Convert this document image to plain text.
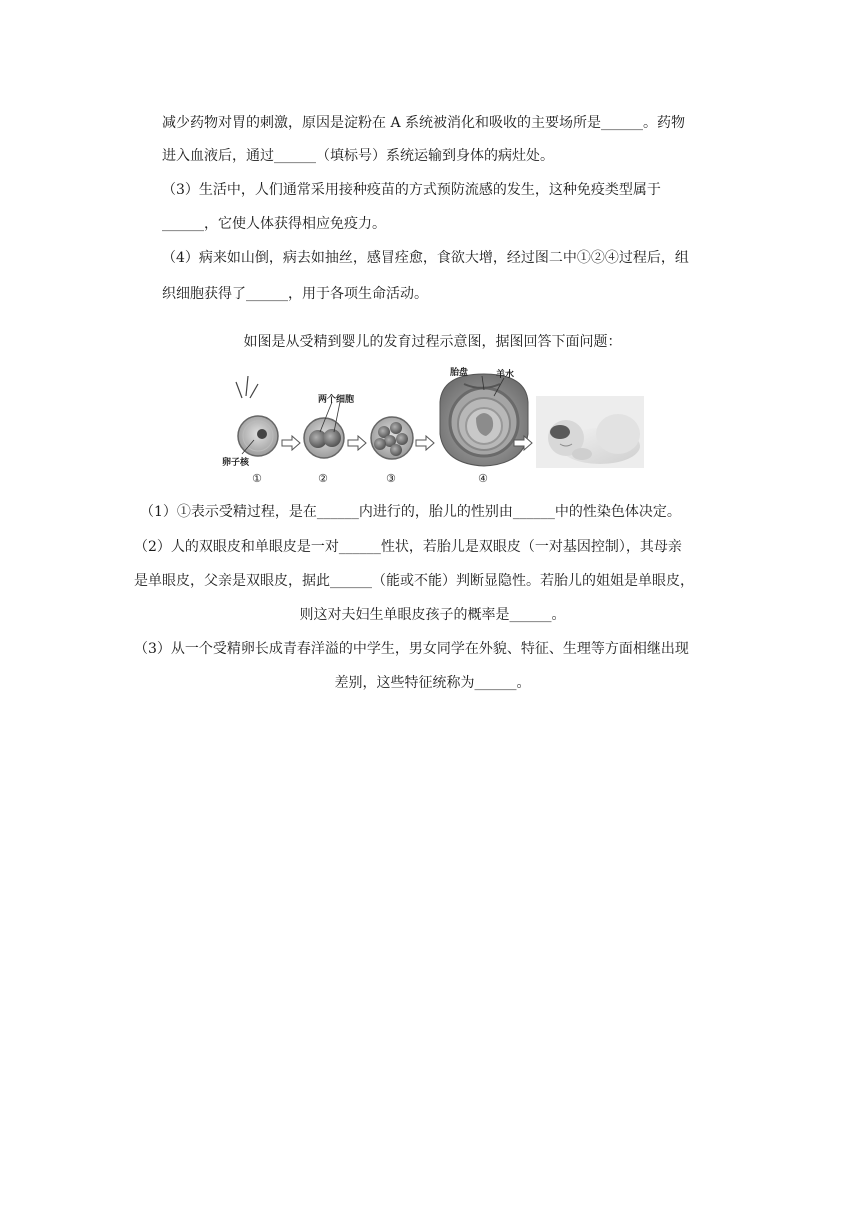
减少药物对胃的刺激，原因是淀粉在 A 系统被消化和吸收的主要场所是______。药物
进入血液后，通过______（填标号）系统运输到身体的病灶处。
（3）生活中，人们通常采用接种疫苗的方式预防流感的发生，这种免疫类型属于
______，它使人体获得相应免疫力。
（4）病来如山倒，病去如抽丝，感冒痊愈，食欲大增，经过图二中①②④过程后，组
织细胞获得了______，用于各项生命活动。
如图是从受精到婴儿的发育过程示意图，据图回答下面问题：
卵子核
①
两个细胞
②	③
胎盘	羊水
④
（1）①表示受精过程，是在______内进行的，胎儿的性别由______中的性染色体决定。
（2）人的双眼皮和单眼皮是一对______性状，若胎儿是双眼皮（一对基因控制），其母亲
是单眼皮，父亲是双眼皮，据此______（能或不能）判断显隐性。若胎儿的姐姐是单眼皮，
则这对夫妇生单眼皮孩子的概率是______。
（3）从一个受精卵长成青春洋溢的中学生，男女同学在外貌、特征、生理等方面相继出现
差别，这些特征统称为______。
